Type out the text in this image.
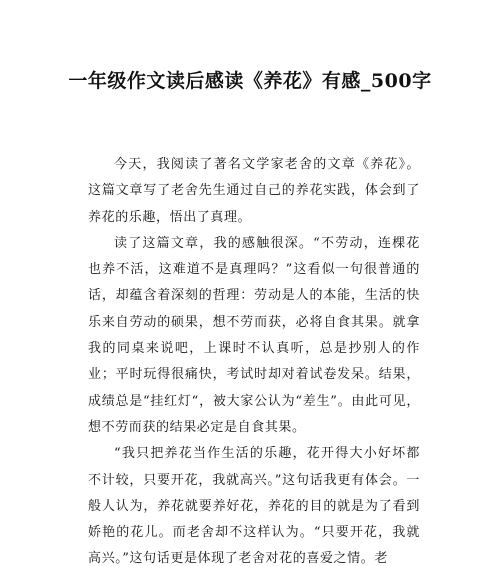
一年级作文读后感读《养花》有感_500字

今天，我阅读了著名文学家老舍的文章《养花》。这篇文章写了老舍先生通过自己的养花实践，体会到了养花的乐趣，悟出了真理。

读了这篇文章，我的感触很深。“不劳动，连棵花也养不活，这难道不是真理吗？”这看似一句很普通的话，却蕴含着深刻的哲理：劳动是人的本能，生活的快乐来自劳动的硕果，想不劳而获，必将自食其果。就拿我的同桌来说吧，上课时不认真听，总是抄别人的作业；平时玩得很痛快，考试时却对着试卷发呆。结果，成绩总是“挂红灯“，被大家公认为“差生”。由此可见，想不劳而获的结果必定是自食其果。

“我只把养花当作生活的乐趣，花开得大小好坏都不计较，只要开花，我就高兴。”这句话我更有体会。一般人认为，养花就要养好花，养花的目的就是为了看到娇艳的花儿。而老舍却不这样认为。“只要开花，我就高兴。”这句话更是体现了老舍对花的喜爱之情。老
